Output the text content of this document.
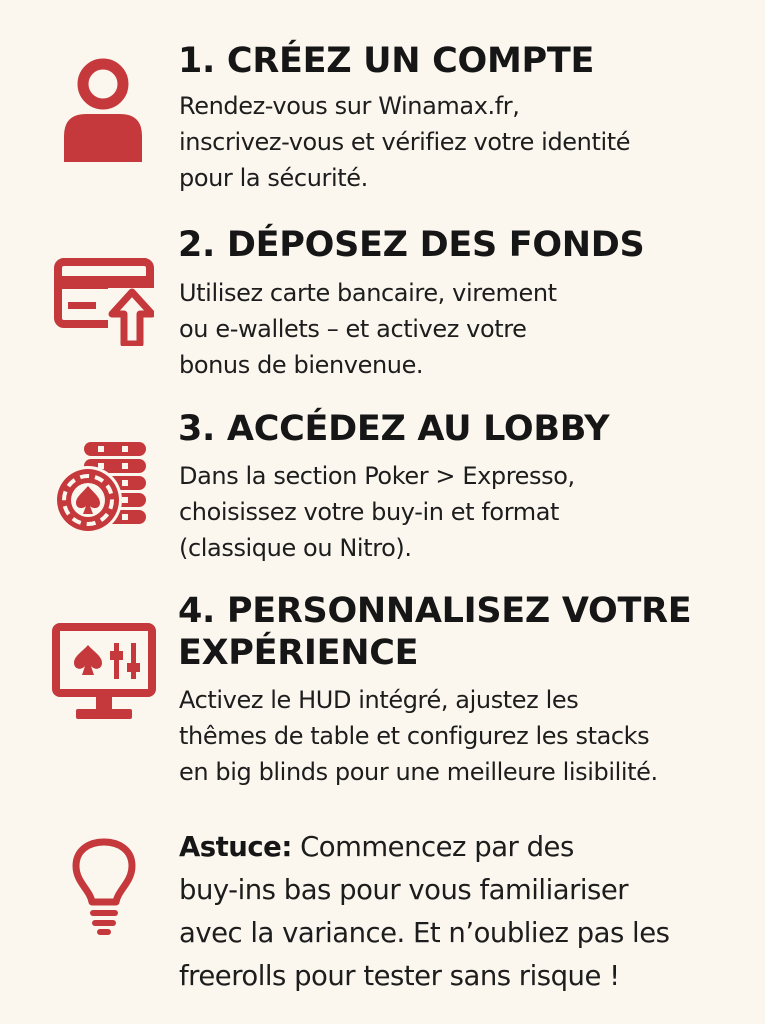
1. CRÉEZ UN COMPTE

Rendez-vous sur Winamax.fr,
inscrivez-vous et vérifiez votre identité
pour la sécurité.

2. DÉPOSEZ DES FONDS

Utilisez carte bancaire, virement
ou e-wallets – et activez votre
bonus de bienvenue.

3. ACCÉDEZ AU LOBBY

Dans la section Poker > Expresso,
choisissez votre buy-in et format
(classique ou Nitro).

4. PERSONNALISEZ VOTRE
EXPÉRIENCE

Activez le HUD intégré, ajustez les
thêmes de table et configurez les stacks
en big blinds pour une meilleure lisibilité.

Astuce: Commencez par des
buy-ins bas pour vous familiariser
avec la variance. Et n’oubliez pas les
freerolls pour tester sans risque !
